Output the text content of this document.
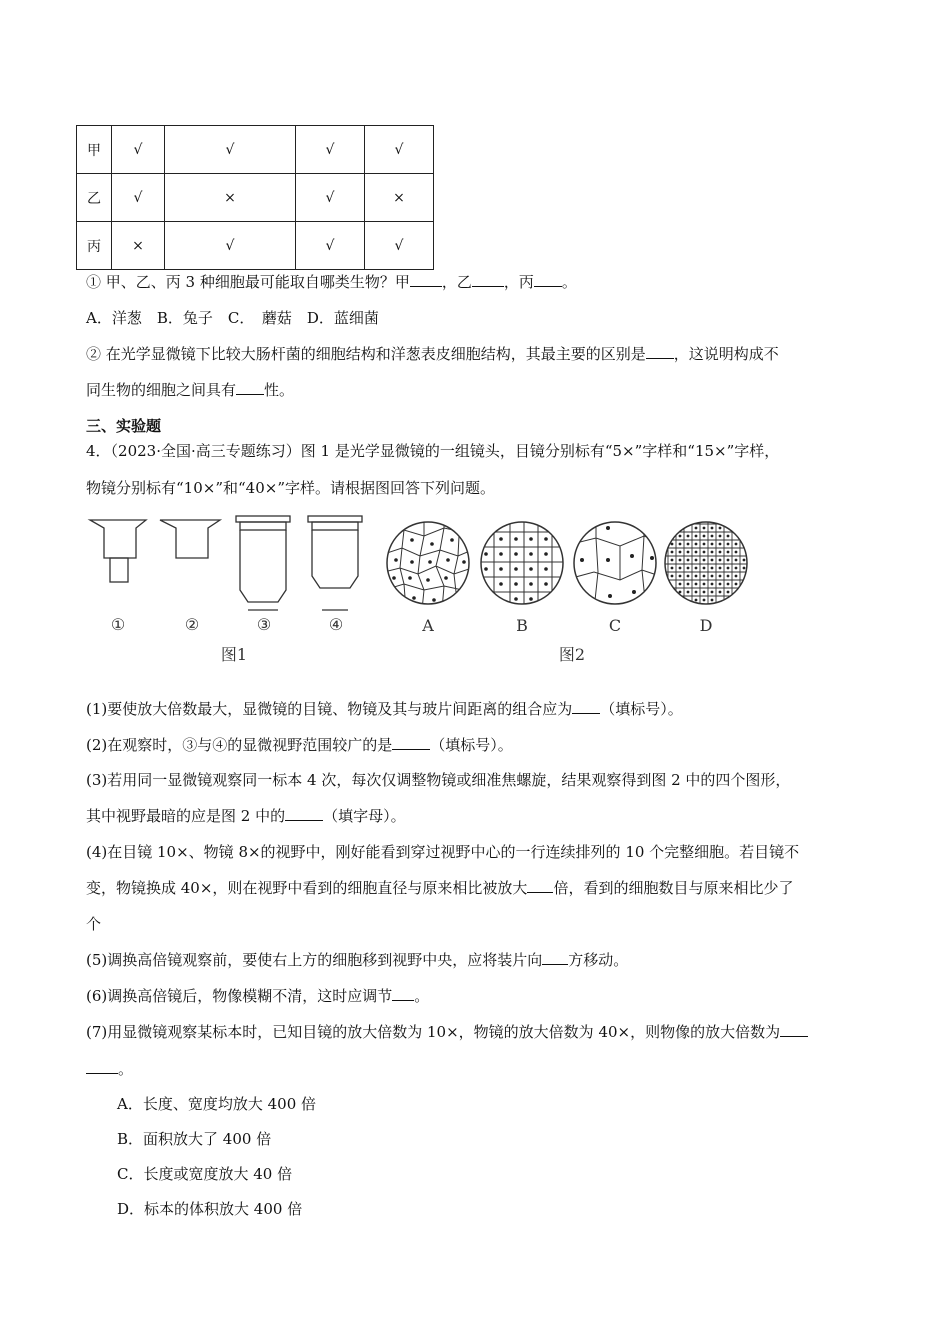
甲	√	√	√	√
乙	√	×	√	×
丙	×	√	√	√
① 甲、乙、丙 3 种细胞最可能取自哪类生物？甲 ，乙 ，丙 。
A．洋葱　B．兔子　C．　蘑菇　D．蓝细菌
② 在光学显微镜下比较大肠杆菌的细胞结构和洋葱表皮细胞结构，其最主要的区别是 ，这说明构成不
同生物的细胞之间具有 性。
三、实验题
4．（2023·全国·高三专题练习）图 1 是光学显微镜的一组镜头，目镜分别标有“5×”字样和“15×”字样，
物镜分别标有“10×”和“40×”字样。请根据图回答下列问题。
①	②	③	④
图1
A	B	C	D
图2
(1)要使放大倍数最大，显微镜的目镜、物镜及其与玻片间距离的组合应为 （填标号）。
(2)在观察时，③与④的显微视野范围较广的是	（填标号）。
(3)若用同一显微镜观察同一标本 4 次，每次仅调整物镜或细准焦螺旋，结果观察得到图 2 中的四个图形，
其中视野最暗的应是图 2 中的	（填字母）。
(4)在目镜 10×、物镜 8×的视野中，刚好能看到穿过视野中心的一行连续排列的 10 个完整细胞。若目镜不
变，物镜换成 40×，则在视野中看到的细胞直径与原来相比被放大 倍，看到的细胞数目与原来相比少了
个
(5)调换高倍镜观察前，要使右上方的细胞移到视野中央，应将装片向 方移动。
(6)调换高倍镜后，物像模糊不清，这时应调节 。
(7)用显微镜观察某标本时，已知目镜的放大倍数为 10×，物镜的放大倍数为 40×，则物像的放大倍数为
。
A．长度、宽度均放大 400 倍
B．面积放大了 400 倍
C．长度或宽度放大 40 倍
D．标本的体积放大 400 倍
